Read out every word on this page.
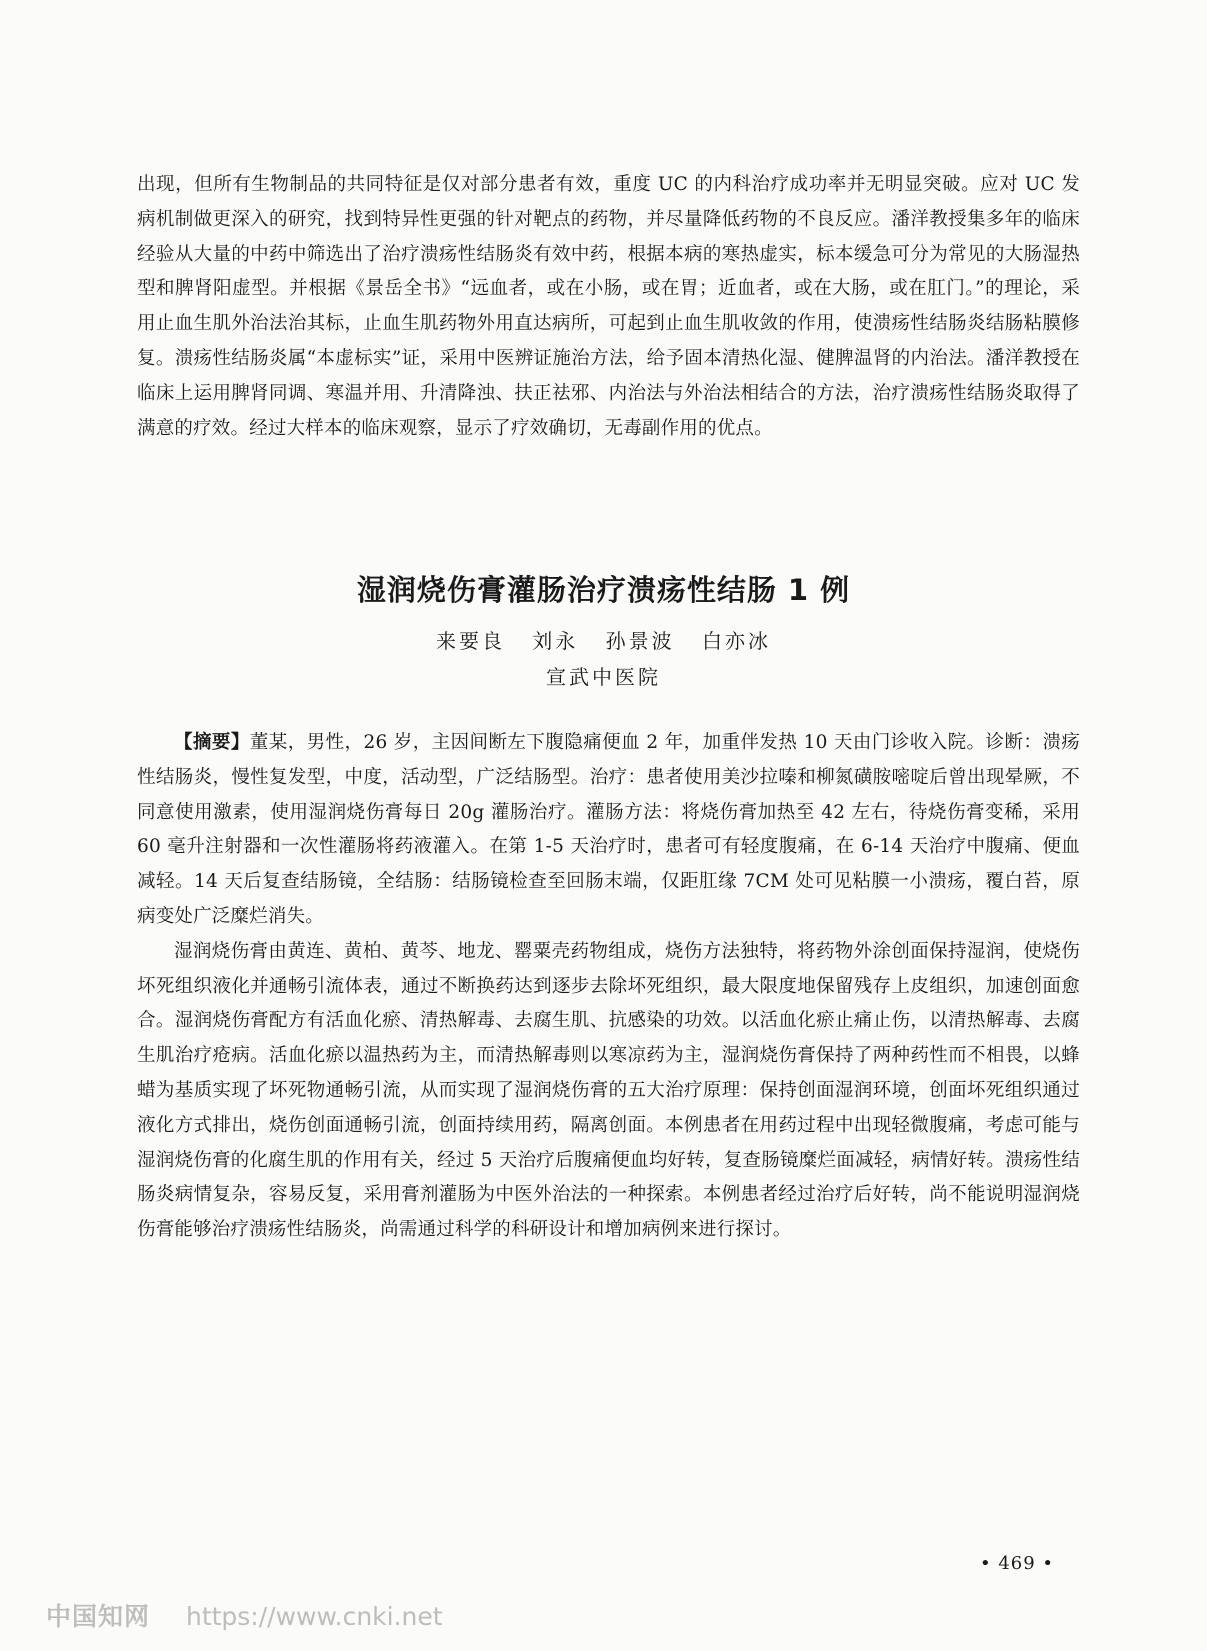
出现，但所有生物制品的共同特征是仅对部分患者有效，重度 UC 的内科治疗成功率并无明显突破。应对 UC 发病机制做更深入的研究，找到特异性更强的针对靶点的药物，并尽量降低药物的不良反应。潘洋教授集多年的临床经验从大量的中药中筛选出了治疗溃疡性结肠炎有效中药，根据本病的寒热虚实，标本缓急可分为常见的大肠湿热型和脾肾阳虚型。并根据《景岳全书》“远血者，或在小肠，或在胃；近血者，或在大肠，或在肛门。”的理论，采用止血生肌外治法治其标，止血生肌药物外用直达病所，可起到止血生肌收敛的作用，使溃疡性结肠炎结肠粘膜修复。溃疡性结肠炎属“本虚标实”证，采用中医辨证施治方法，给予固本清热化湿、健脾温肾的内治法。潘洋教授在临床上运用脾肾同调、寒温并用、升清降浊、扶正祛邪、内治法与外治法相结合的方法，治疗溃疡性结肠炎取得了满意的疗效。经过大样本的临床观察，显示了疗效确切，无毒副作用的优点。

湿润烧伤膏灌肠治疗溃疡性结肠 1 例
来要良 刘永 孙景波 白亦冰
宣武中医院

【摘要】董某，男性，26 岁，主因间断左下腹隐痛便血 2 年，加重伴发热 10 天由门诊收入院。诊断：溃疡性结肠炎，慢性复发型，中度，活动型，广泛结肠型。治疗：患者使用美沙拉嗪和柳氮磺胺嘧啶后曾出现晕厥，不同意使用激素，使用湿润烧伤膏每日 20g 灌肠治疗。灌肠方法：将烧伤膏加热至 42 左右，待烧伤膏变稀，采用 60 毫升注射器和一次性灌肠将药液灌入。在第 1-5 天治疗时，患者可有轻度腹痛，在 6-14 天治疗中腹痛、便血减轻。14 天后复查结肠镜，全结肠：结肠镜检查至回肠末端，仅距肛缘 7CM 处可见粘膜一小溃疡，覆白苔，原病变处广泛糜烂消失。

湿润烧伤膏由黄连、黄柏、黄芩、地龙、罂粟壳药物组成，烧伤方法独特，将药物外涂创面保持湿润，使烧伤坏死组织液化并通畅引流体表，通过不断换药达到逐步去除坏死组织，最大限度地保留残存上皮组织，加速创面愈合。湿润烧伤膏配方有活血化瘀、清热解毒、去腐生肌、抗感染的功效。以活血化瘀止痛止伤，以清热解毒、去腐生肌治疗疮病。活血化瘀以温热药为主，而清热解毒则以寒凉药为主，湿润烧伤膏保持了两种药性而不相畏，以蜂蜡为基质实现了坏死物通畅引流，从而实现了湿润烧伤膏的五大治疗原理：保持创面湿润环境，创面坏死组织通过液化方式排出，烧伤创面通畅引流，创面持续用药，隔离创面。本例患者在用药过程中出现轻微腹痛，考虑可能与湿润烧伤膏的化腐生肌的作用有关，经过 5 天治疗后腹痛便血均好转，复查肠镜糜烂面减轻，病情好转。溃疡性结肠炎病情复杂，容易反复，采用膏剂灌肠为中医外治法的一种探索。本例患者经过治疗后好转，尚不能说明湿润烧伤膏能够治疗溃疡性结肠炎，尚需通过科学的科研设计和增加病例来进行探讨。

• 469 •
中国知网 https://www.cnki.net
